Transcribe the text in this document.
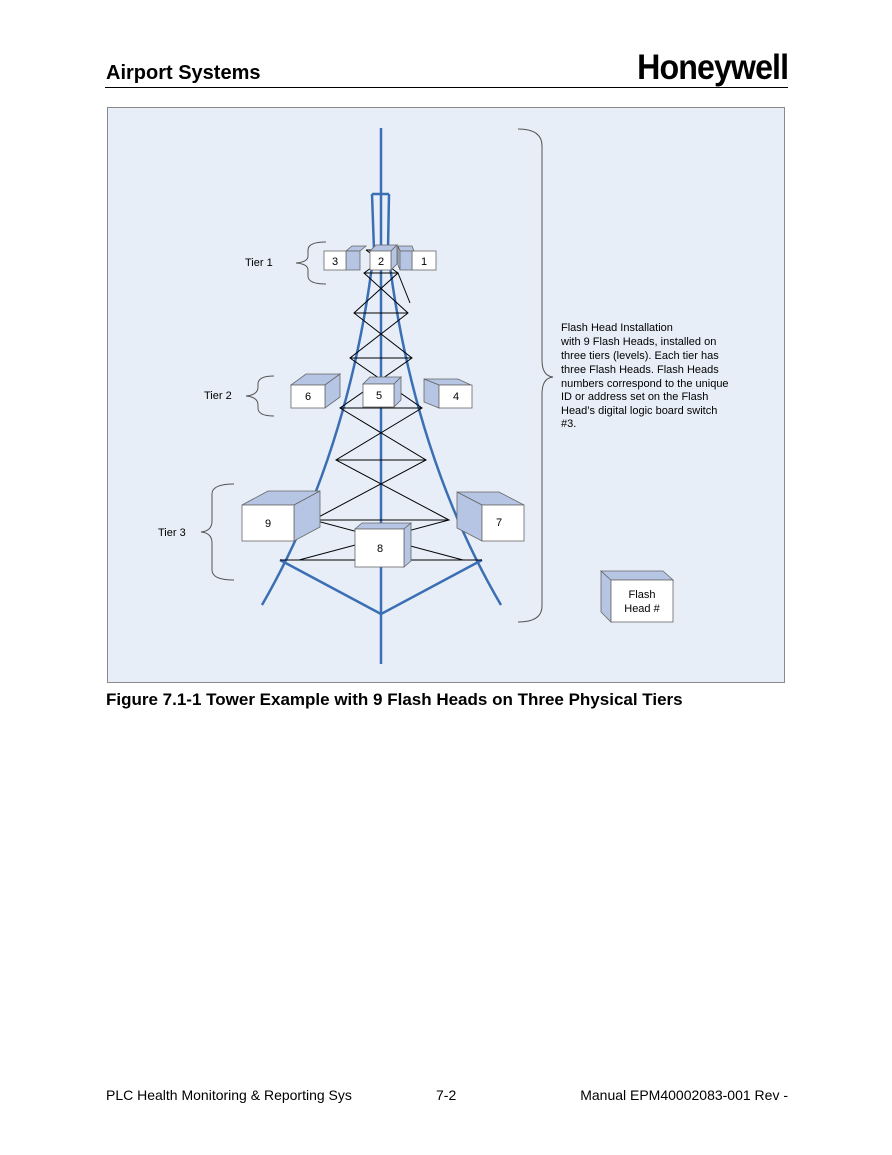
Airport Systems	Honeywell
Tier 1
Tier 2
Tier 3
3	2	1
6	5	4
9
8
7
Flash
Head #
Flash Head Installation
with 9 Flash Heads, installed on
three tiers (levels). Each tier has
three Flash Heads. Flash Heads
numbers correspond to the unique
ID or address set on the Flash
Head’s digital logic board switch
#3.
Figure 7.1-1 Tower Example with 9 Flash Heads on Three Physical Tiers
PLC Health Monitoring & Reporting Sys	7-2	Manual EPM40002083-001 Rev -
